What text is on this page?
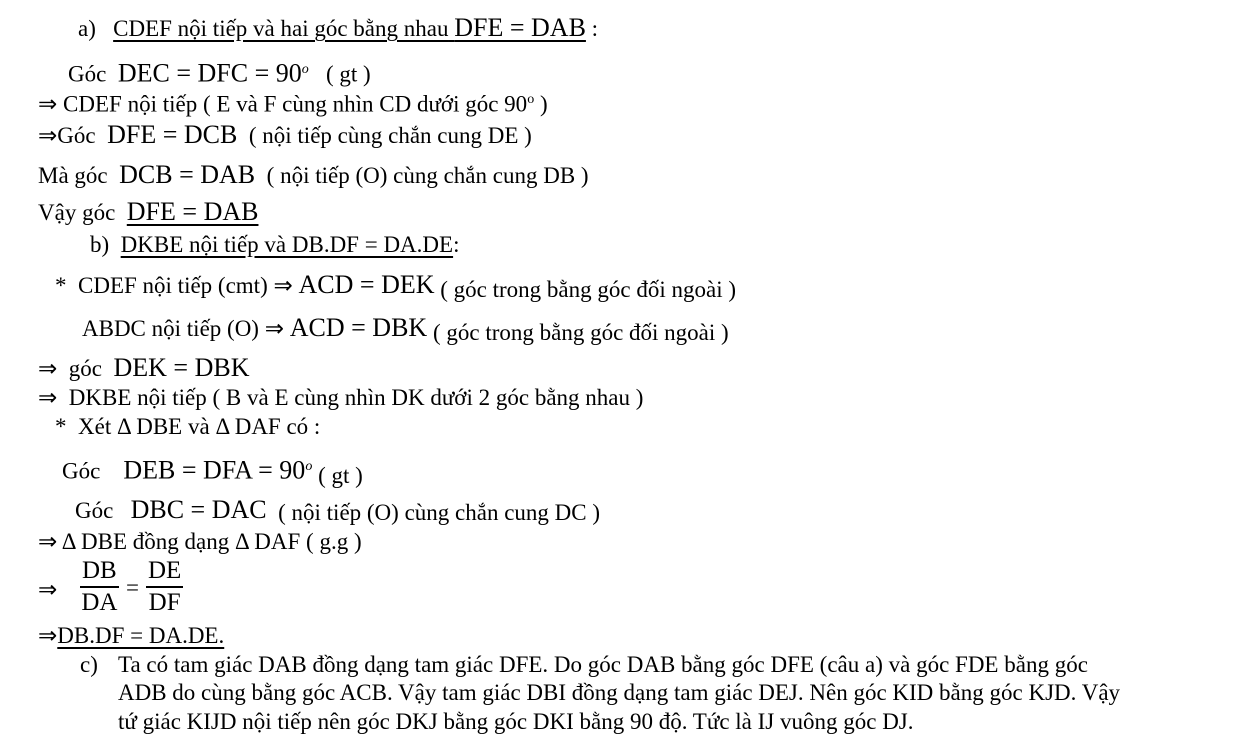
a) CDEF nội tiếp và hai góc bằng nhau DFE = DAB :
Góc DEC = DFC = $90^o$ ( gt )
⇒ CDEF nội tiếp ( E và F cùng nhìn CD dưới góc 90$^o$ )
⇒Góc DFE = DCB ( nội tiếp cùng chắn cung DE )
Mà góc DCB = DAB ( nội tiếp (O) cùng chắn cung DB )
Vậy góc DFE = DAB
b) DKBE nội tiếp và DB.DF = DA.DE:
* CDEF nội tiếp (cmt) ⇒ ACD = DEK ( góc trong bằng góc đối ngoài )
ABDC nội tiếp (O) ⇒ ACD = DBK ( góc trong bằng góc đối ngoài )
⇒ góc DEK = DBK
⇒ DKBE nội tiếp ( B và E cùng nhìn DK dưới 2 góc bằng nhau )
* Xét Δ DBE và Δ DAF có :
Góc DEB = DFA = $90^o$ ( gt )
Góc DBC = DAC ( nội tiếp (O) cùng chắn cung DC )
⇒ Δ DBE đồng dạng Δ DAF ( g.g )
⇒ $\frac{DB}{DA} = \frac{DE}{DF}$
⇒DB.DF = DA.DE.
c) Ta có tam giác DAB đồng dạng tam giác DFE. Do góc DAB bằng góc DFE (câu a) và góc FDE bằng góc
ADB do cùng bằng góc ACB. Vậy tam giác DBI đồng dạng tam giác DEJ. Nên góc KID bằng góc KJD. Vậy
tứ giác KIJD nội tiếp nên góc DKJ bằng góc DKI bằng 90 độ. Tức là IJ vuông góc DJ.
